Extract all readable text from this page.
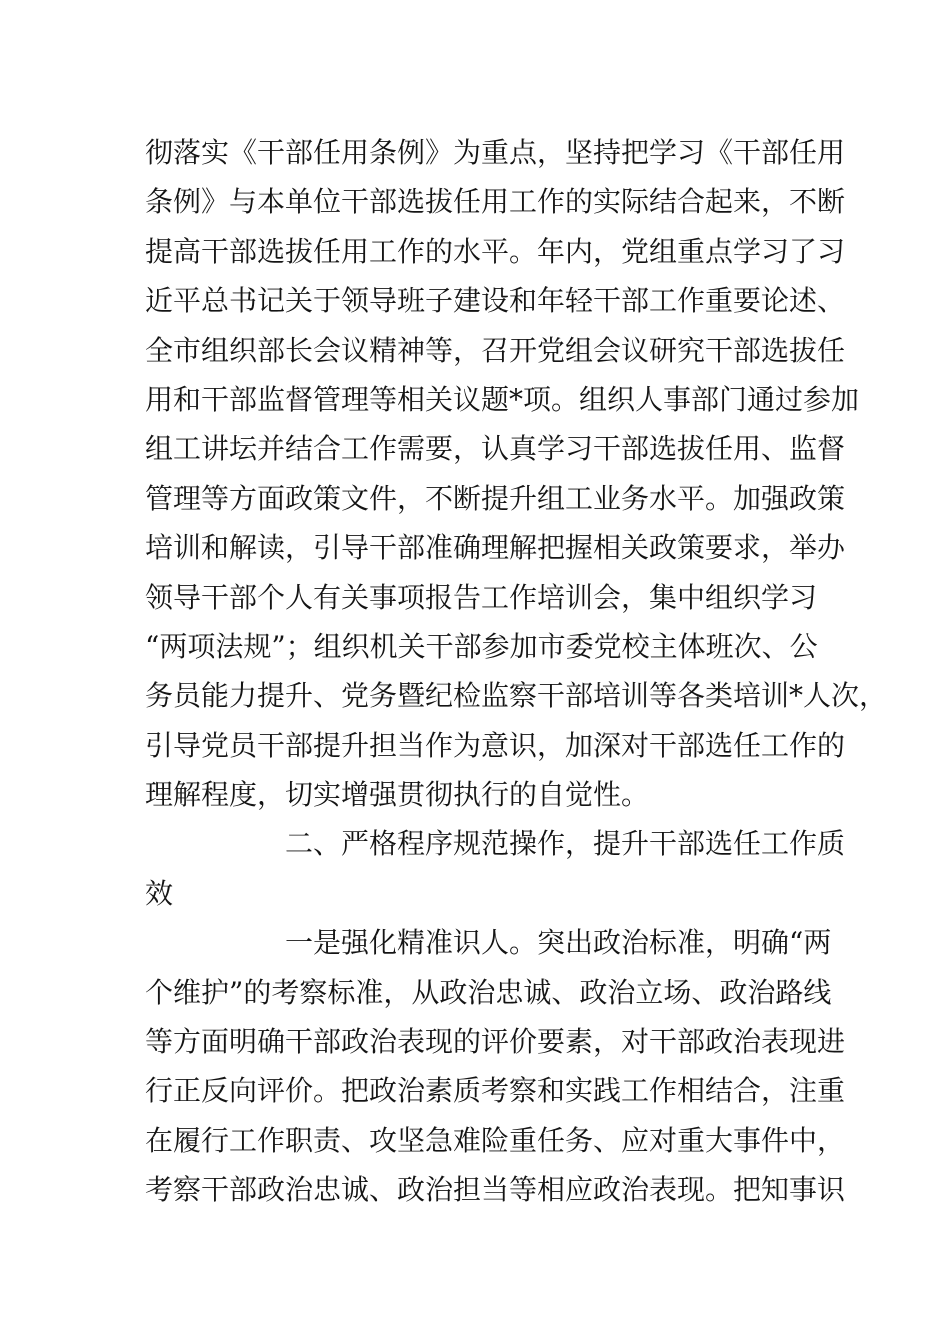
彻落实《干部任用条例》为重点，坚持把学习《干部任用
条例》与本单位干部选拔任用工作的实际结合起来，不断
提高干部选拔任用工作的水平。年内，党组重点学习了习
近平总书记关于领导班子建设和年轻干部工作重要论述、
全市组织部长会议精神等，召开党组会议研究干部选拔任
用和干部监督管理等相关议题*项。组织人事部门通过参加
组工讲坛并结合工作需要，认真学习干部选拔任用、监督
管理等方面政策文件，不断提升组工业务水平。加强政策
培训和解读，引导干部准确理解把握相关政策要求，举办
领导干部个人有关事项报告工作培训会，集中组织学习
“两项法规”；组织机关干部参加市委党校主体班次、公
务员能力提升、党务暨纪检监察干部培训等各类培训*人次，
引导党员干部提升担当作为意识，加深对干部选任工作的
理解程度，切实增强贯彻执行的自觉性。
二、严格程序规范操作，提升干部选任工作质
效
一是强化精准识人。突出政治标准，明确“两
个维护”的考察标准，从政治忠诚、政治立场、政治路线
等方面明确干部政治表现的评价要素，对干部政治表现进
行正反向评价。把政治素质考察和实践工作相结合，注重
在履行工作职责、攻坚急难险重任务、应对重大事件中，
考察干部政治忠诚、政治担当等相应政治表现。把知事识
